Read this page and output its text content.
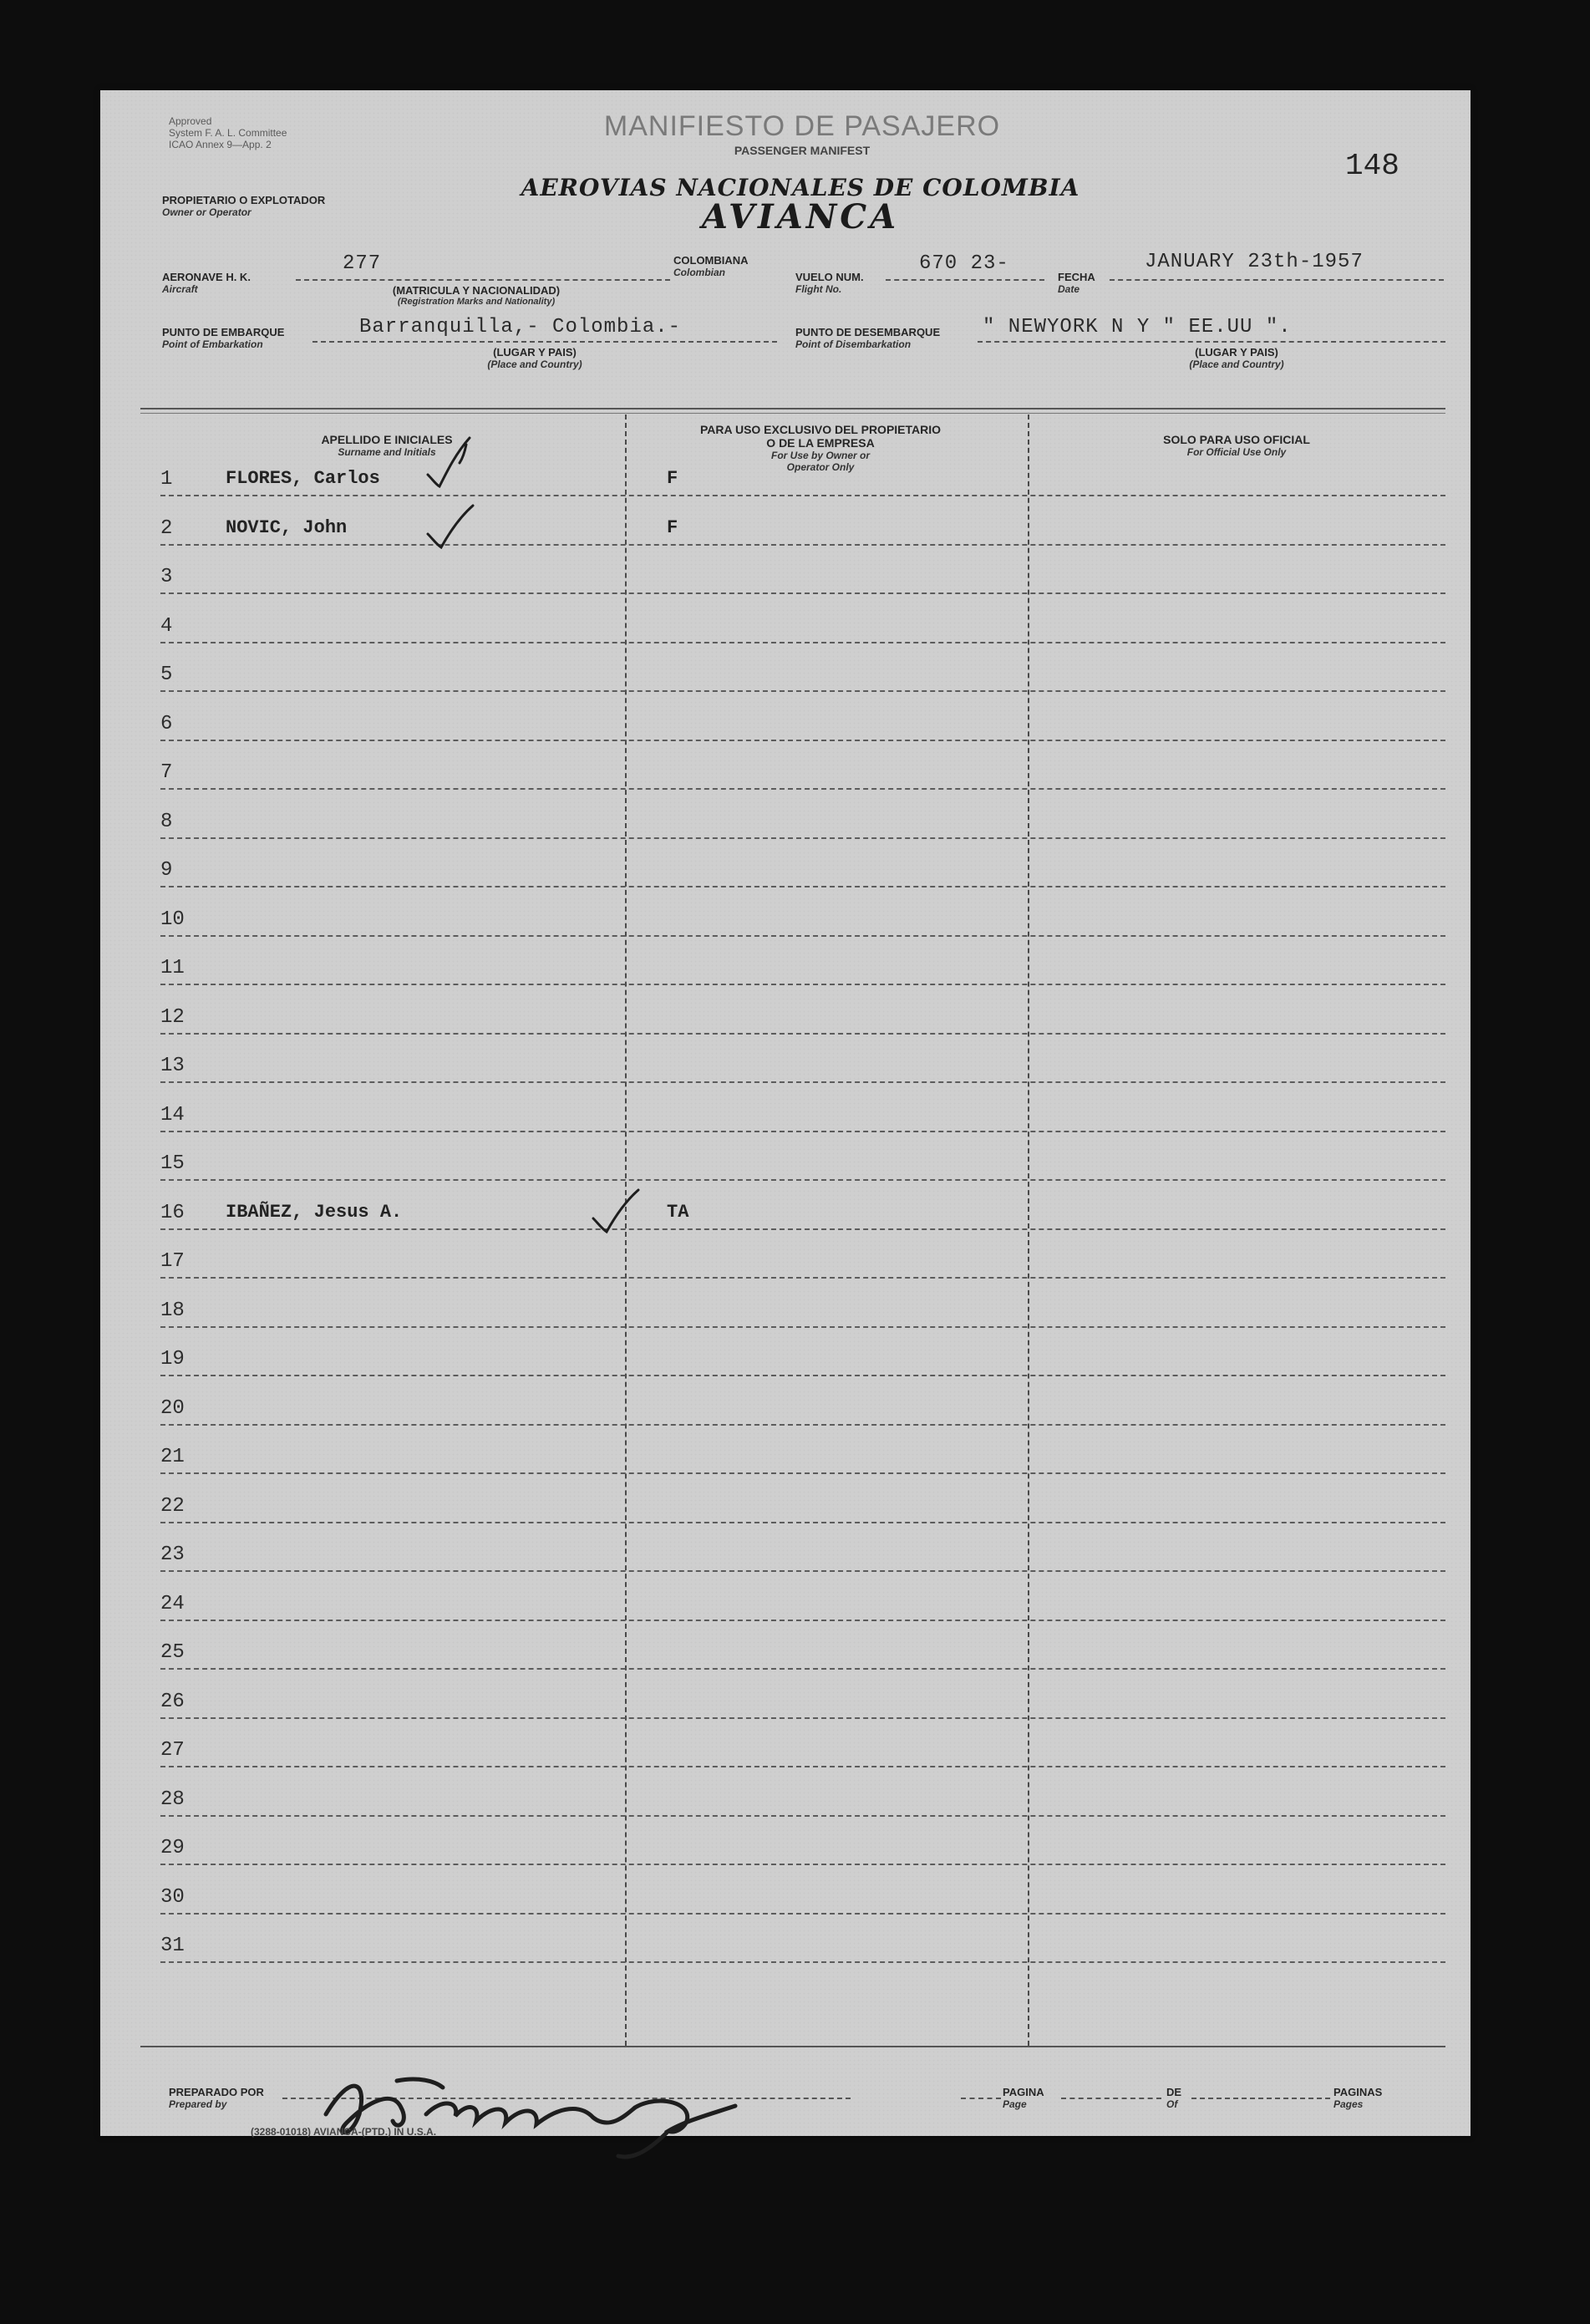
Approved
System F. A. L. Committee
ICAO Annex 9—App. 2
MANIFIESTO DE PASAJERO
PASSENGER MANIFEST	148
PROPIETARIO O EXPLOTADOR
Owner or Operator
AEROVIAS NACIONALES DE COLOMBIA
AVIANCA
AERONAVE H. K.
Aircraft
277
(MATRICULA Y NACIONALIDAD)
(Registration Marks and Nationality)
COLOMBIANA
Colombian	VUELO NUM.
Flight No.
670 23-
FECHA
Date
JANUARY 23th-1957
PUNTO DE EMBARQUE
Point of Embarkation
Barranquilla,- Colombia.-
(LUGAR Y PAIS)
(Place and Country)
PUNTO DE DESEMBARQUE
Point of Disembarkation
" NEWYORK N Y " EE.UU ".
(LUGAR Y PAIS)
(Place and Country)
APELLIDO E INICIALES
Surname and Initials
PARA USO EXCLUSIVO DEL PROPIETARIO
O DE LA EMPRESA
For Use by Owner or
Operator Only
SOLO PARA USO OFICIAL
For Official Use Only
1	FLORES, Carlos	F
2	NOVIC, John	F
3
4
5
6
7
8
9
10
11
12
13
14
15
16	IBAÑEZ, Jesus A.	TA
17
18
19
20
21
22
23
24
25
26
27
28
29
30
31
PREPARADO POR
Prepared by
(3288-01018) AVIANCA-(PTD.) IN U.S.A.
PAGINA
Page
DE
Of
PAGINAS
Pages
